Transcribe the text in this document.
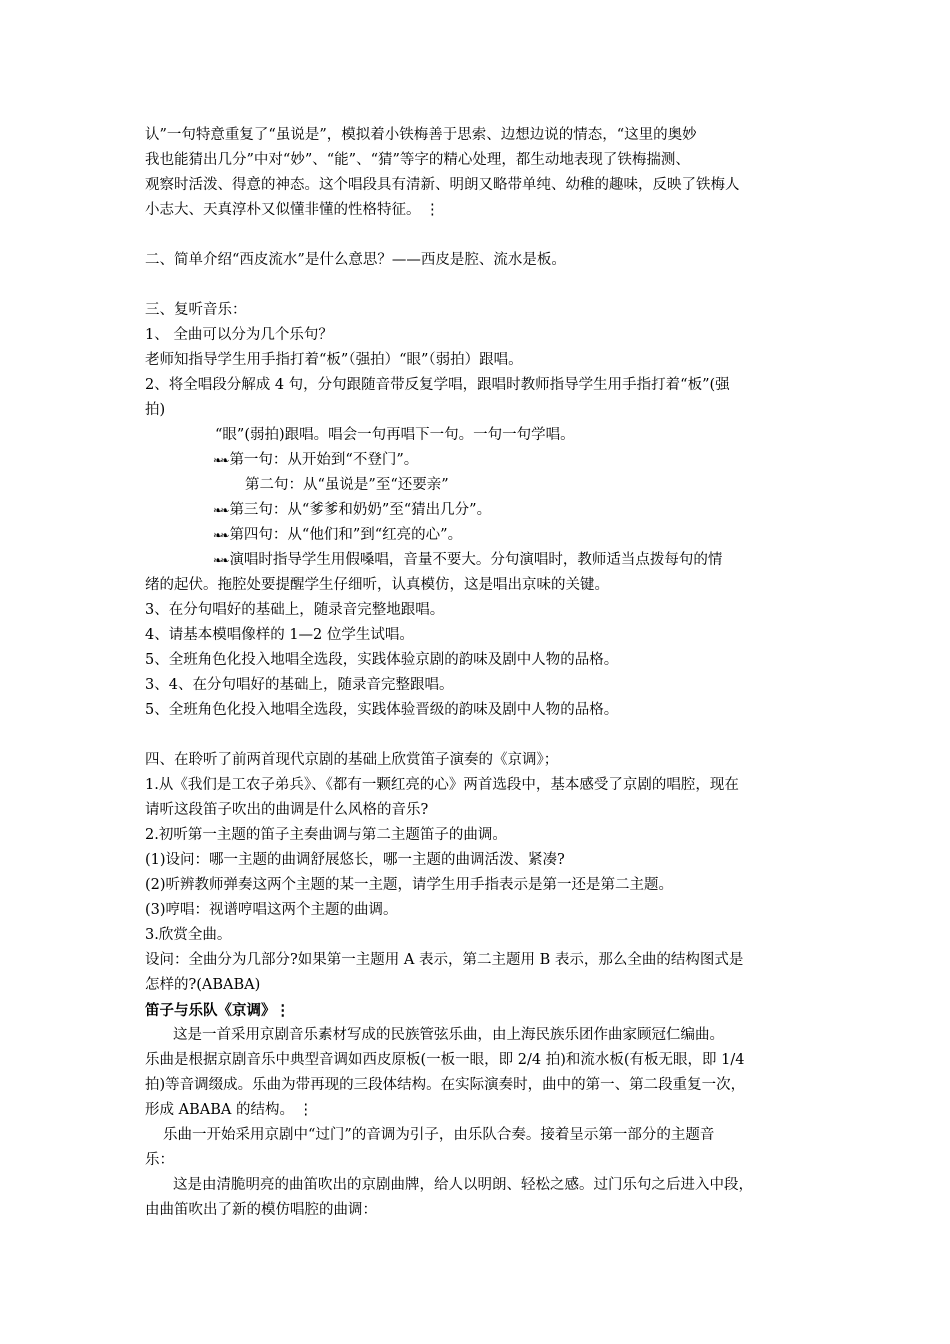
认”一句特意重复了“虽说是”，模拟着小铁梅善于思索、边想边说的情态，“这里的奥妙
我也能猜出几分”中对“妙”、“能”、“猜”等字的精心处理，都生动地表现了铁梅揣测、
观察时活泼、得意的神态。这个唱段具有清新、明朗又略带单纯、幼稚的趣味，反映了铁梅人
小志大、天真淳朴又似懂非懂的性格特征。 ⋮
二、简单介绍“西皮流水”是什么意思？——西皮是腔、流水是板。
三、复听音乐：
1、 全曲可以分为几个乐句？
老师知指导学生用手指打着“板”（强拍）“眼”（弱拍）跟唱。
2、将全唱段分解成 4 句，分句跟随音带反复学唱，跟唱时教师指导学生用手指打着“板”(强
拍)
“眼”(弱拍)跟唱。唱会一句再唱下一句。一句一句学唱。
❧❧ 第一句：从开始到“不登门”。
第二句：从“虽说是”至“还要亲”
❧❧ 第三句：从“爹爹和奶奶”至“猜出几分”。
❧❧ 第四句：从“他们和”到“红亮的心”。
❧❧ 演唱时指导学生用假嗓唱，音量不要大。分句演唱时，教师适当点拨每句的情
绪的起伏。拖腔处要提醒学生仔细听，认真模仿，这是唱出京味的关键。
3、在分句唱好的基础上，随录音完整地跟唱。
4、请基本模唱像样的 1—2 位学生试唱。
5、全班角色化投入地唱全选段，实践体验京剧的韵味及剧中人物的品格。
3、4、在分句唱好的基础上，随录音完整跟唱。
5、全班角色化投入地唱全选段，实践体验晋级的韵味及剧中人物的品格。
四、在聆听了前两首现代京剧的基础上欣赏笛子演奏的《京调》；
1.从《我们是工农子弟兵》、《都有一颗红亮的心》两首选段中，基本感受了京剧的唱腔，现在
请听这段笛子吹出的曲调是什么风格的音乐?
2.初听第一主题的笛子主奏曲调与第二主题笛子的曲调。
(1)设问：哪一主题的曲调舒展悠长，哪一主题的曲调活泼、紧凑?
(2)听辨教师弹奏这两个主题的某一主题，请学生用手指表示是第一还是第二主题。
(3)哼唱：视谱哼唱这两个主题的曲调。
3.欣赏全曲。
设问：全曲分为几部分?如果第一主题用 A 表示，第二主题用 B 表示，那么全曲的结构图式是
怎样的?(ABABA)
笛子与乐队《京调》⋮
这是一首采用京剧音乐素材写成的民族管弦乐曲，由上海民族乐团作曲家顾冠仁编曲。
乐曲是根据京剧音乐中典型音调如西皮原板(一板一眼，即 2/4 拍)和流水板(有板无眼，即 1/4
拍)等音调缀成。乐曲为带再现的三段体结构。在实际演奏时，曲中的第一、第二段重复一次，
形成 ABABA 的结构。 ⋮
乐曲一开始采用京剧中“过门”的音调为引子，由乐队合奏。接着呈示第一部分的主题音
乐：
这是由清脆明亮的曲笛吹出的京剧曲牌，给人以明朗、轻松之感。过门乐句之后进入中段，
由曲笛吹出了新的模仿唱腔的曲调：
